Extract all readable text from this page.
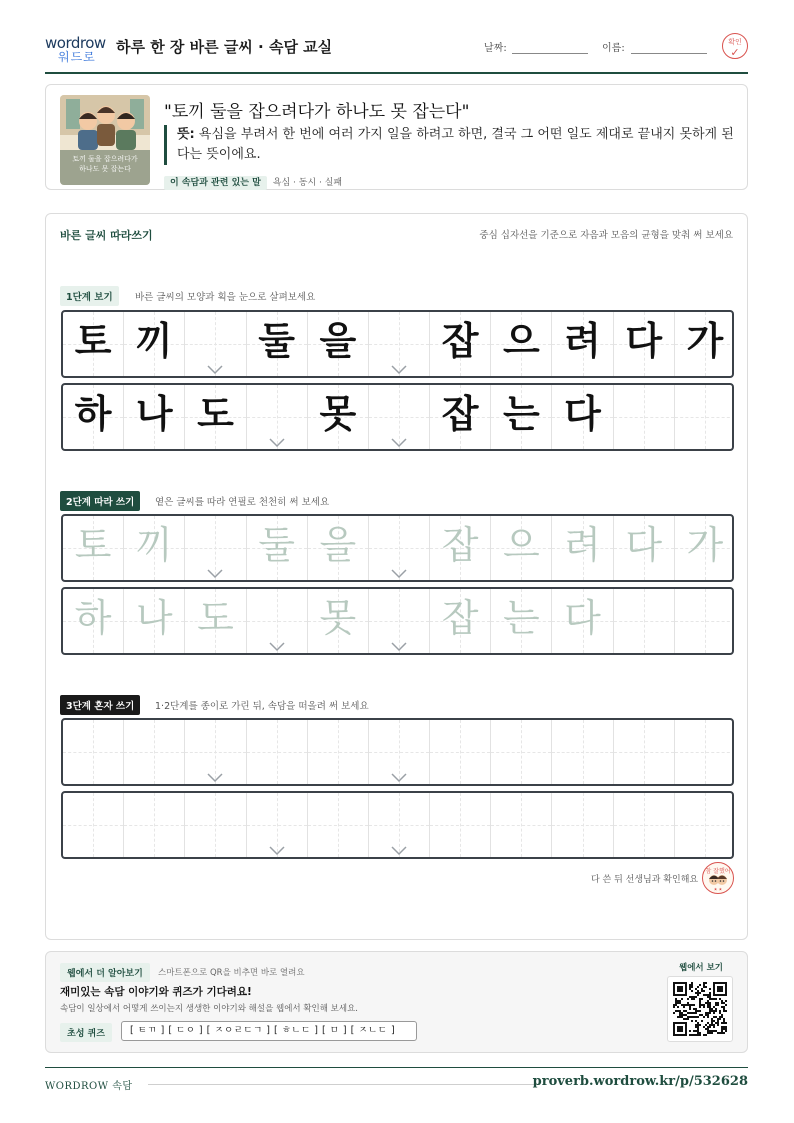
wordrow
워드로
하루 한 장 바른 글씨 · 속담 교실	날짜:	이름:
확인
✓
토끼 둘을 잡으려다가
하나도 못 잡는다
"토끼 둘을 잡으려다가 하나도 못 잡는다"
뜻: 욕심을 부려서 한 번에 여러 가지 일을 하려고 하면, 결국 그 어떤 일도 제대로 끝내지 못하게 된다는 뜻이에요.
이 속담과 관련 있는 말 욕심 · 동시 · 실패
바른 글씨 따라쓰기	중심 십자선을 기준으로 자음과 모음의 균형을 맞춰 써 보세요
1단계 보기	바른 글씨의 모양과 획을 눈으로 살펴보세요
토 끼	둘 을	잡 으 려 다 가
하 나 도	못	잡 는 다
2단계 따라 쓰기	옅은 글씨를 따라 연필로 천천히 써 보세요
토 끼	둘 을	잡 으 려 다 가
하 나 도	못	잡 는 다
3단계 혼자 쓰기	1·2단계를 종이로 가린 뒤, 속담을 떠올려 써 보세요
다 쓴 뒤 선생님과 확인해요
참 잘했어
★ ★
웹에서 더 알아보기	스마트폰으로 QR을 비추면 바로 열려요
재미있는 속담 이야기와 퀴즈가 기다려요!
속담이 일상에서 어떻게 쓰이는지 생생한 이야기와 해설을 웹에서 확인해 보세요.
초성 퀴즈	[ ㅌㄲ ] [ ㄷㅇ ] [ ㅈㅇㄹㄷㄱ ] [ ㅎㄴㄷ ] [ ㅁ ] [ ㅈㄴㄷ ]
웹에서 보기
WORDROW 속담	proverb.wordrow.kr/p/532628
